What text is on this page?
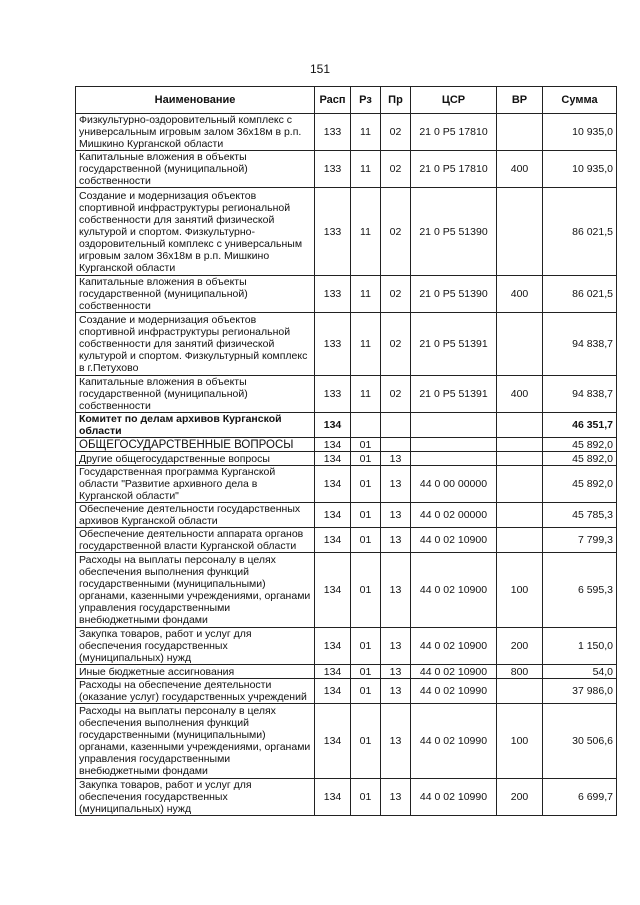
151
Наименование	Расп	Рз	Пр	ЦСР	ВР	Сумма
Физкультурно-оздоровительный комплекс с универсальным игровым залом 36х18м в р.п. Мишкино Курганской области	133	11	02	21 0 P5 17810		10 935,0
Капитальные вложения в объекты государственной (муниципальной) собственности	133	11	02	21 0 P5 17810	400	10 935,0
Создание и модернизация объектов спортивной инфраструктуры региональной собственности для занятий физической культурой и спортом. Физкультурно-оздоровительный комплекс с универсальным игровым залом 36х18м в р.п. Мишкино Курганской области	133	11	02	21 0 P5 51390		86 021,5
Капитальные вложения в объекты государственной (муниципальной) собственности	133	11	02	21 0 P5 51390	400	86 021,5
Создание и модернизация объектов спортивной инфраструктуры региональной собственности для занятий физической культурой и спортом. Физкультурный комплекс в г.Петухово	133	11	02	21 0 P5 51391		94 838,7
Капитальные вложения в объекты государственной (муниципальной) собственности	133	11	02	21 0 P5 51391	400	94 838,7
Комитет по делам архивов Курганской области	134					46 351,7
ОБЩЕГОСУДАРСТВЕННЫЕ ВОПРОСЫ	134	01				45 892,0
Другие общегосударственные вопросы	134	01	13			45 892,0
Государственная программа Курганской области "Развитие архивного дела в Курганской области"	134	01	13	44 0 00 00000		45 892,0
Обеспечение деятельности государственных архивов Курганской области	134	01	13	44 0 02 00000		45 785,3
Обеспечение деятельности аппарата органов государственной власти Курганской области	134	01	13	44 0 02 10900		7 799,3
Расходы на выплаты персоналу в целях обеспечения выполнения функций государственными (муниципальными) органами, казенными учреждениями, органами управления государственными внебюджетными фондами	134	01	13	44 0 02 10900	100	6 595,3
Закупка товаров, работ и услуг для обеспечения государственных (муниципальных) нужд	134	01	13	44 0 02 10900	200	1 150,0
Иные бюджетные ассигнования	134	01	13	44 0 02 10900	800	54,0
Расходы на обеспечение деятельности (оказание услуг) государственных учреждений	134	01	13	44 0 02 10990		37 986,0
Расходы на выплаты персоналу в целях обеспечения выполнения функций государственными (муниципальными) органами, казенными учреждениями, органами управления государственными внебюджетными фондами	134	01	13	44 0 02 10990	100	30 506,6
Закупка товаров, работ и услуг для обеспечения государственных (муниципальных) нужд	134	01	13	44 0 02 10990	200	6 699,7
